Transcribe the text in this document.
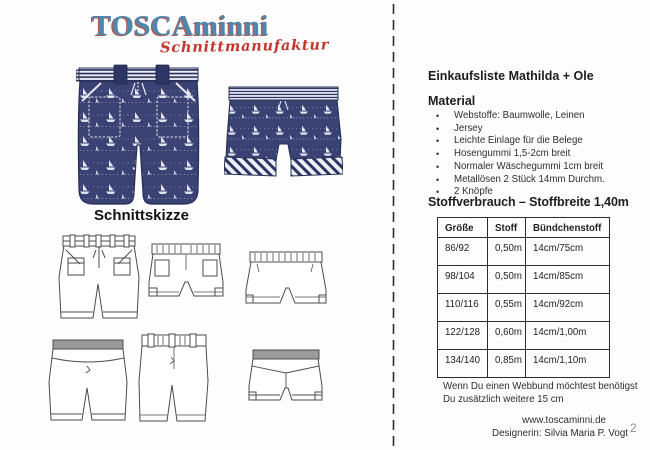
TOSCAminni
Schnittmanufaktur
Schnittskizze
Einkaufsliste Mathilda + Ole
Material
• Webstoffe: Baumwolle, Leinen
• Jersey
• Leichte Einlage für die Belege
• Hosengummi 1,5-2cm breit
• Normaler Wäschegummi 1cm breit
• Metallösen 2 Stück 14mm Durchm.
• 2 Knöpfe
Stoffverbrauch – Stoffbreite 1,40m
Größe	Stoff	Bündchenstoff
86/92	0,50m	14cm/75cm
98/104	0,50m	14cm/85cm
110/116	0,55m	14cm/92cm
122/128	0,60m	14cm/1,00m
134/140	0,85m	14cm/1,10m
Wenn Du einen Webbund möchtest benötigst
Du zusätzlich weitere 15 cm
www.toscaminni.de
Designerin: Silvia Maria P. Vogt 2
